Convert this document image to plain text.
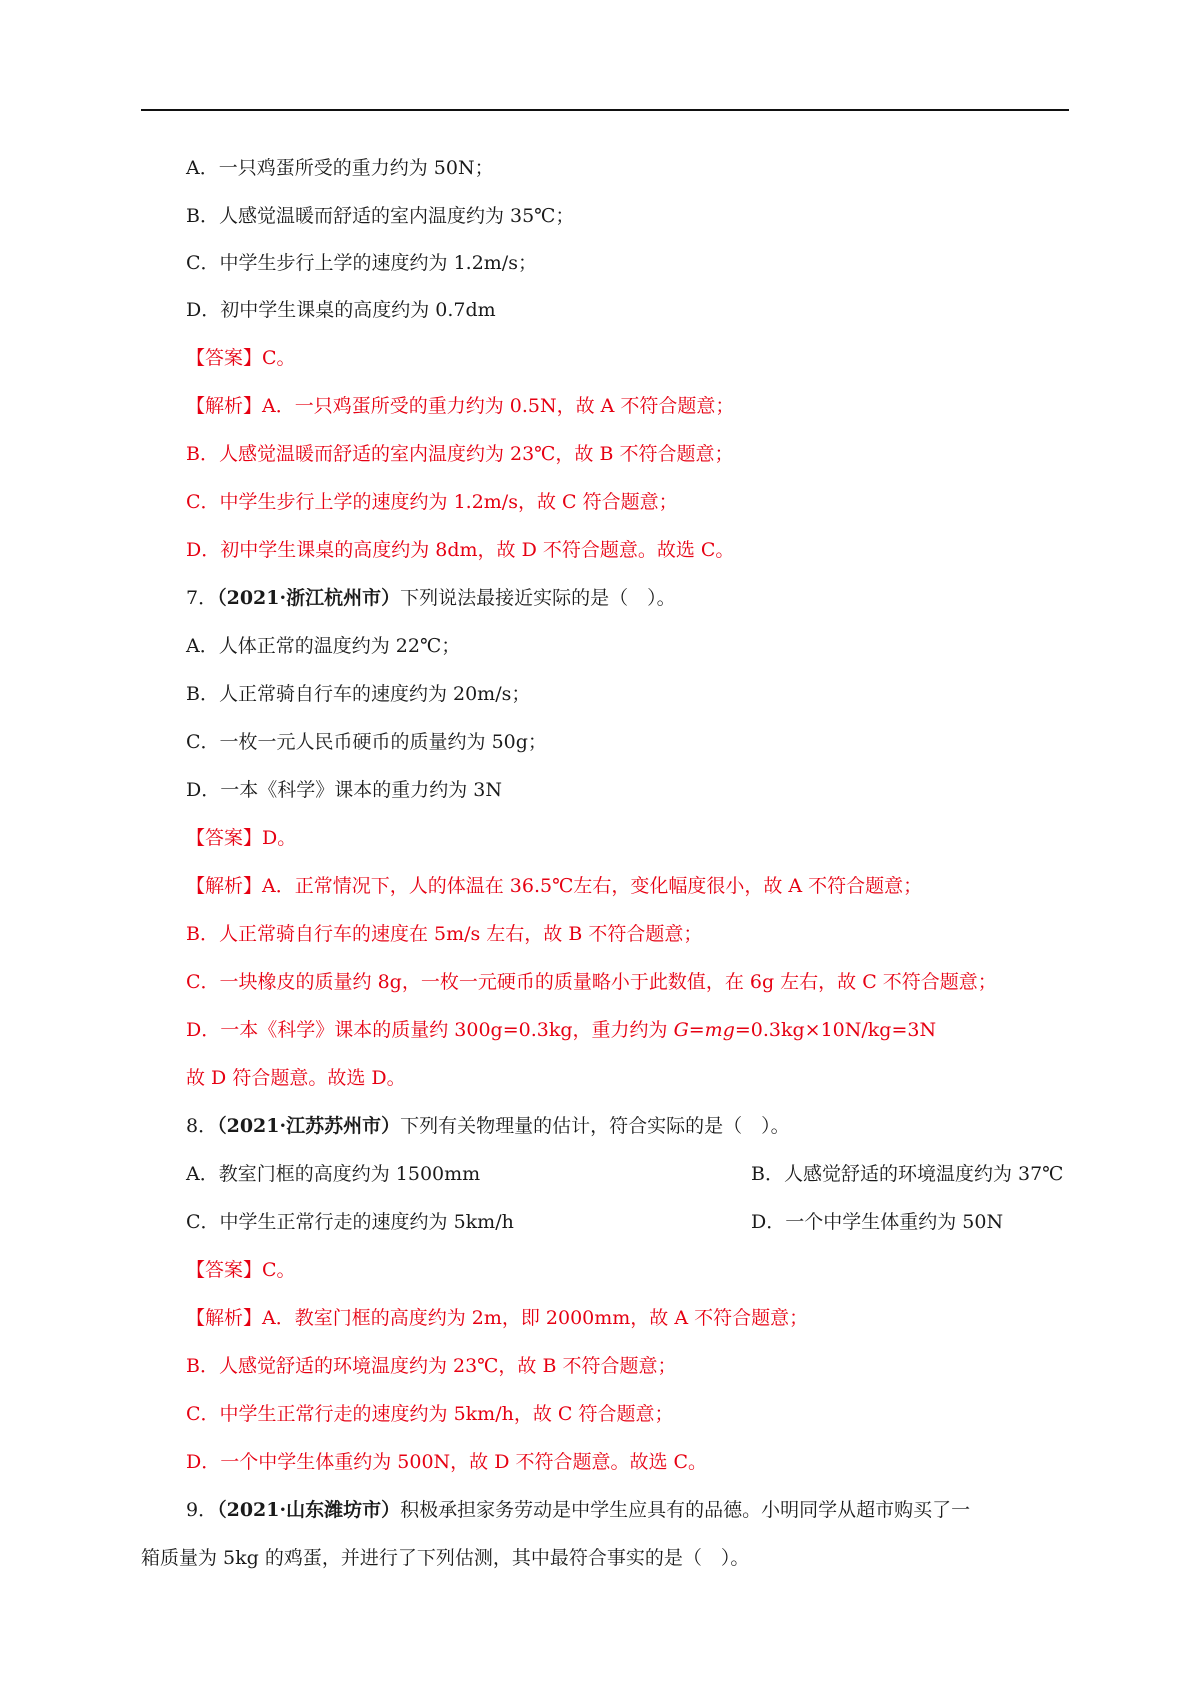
A．一只鸡蛋所受的重力约为 50N；
B．人感觉温暖而舒适的室内温度约为 35℃；
C．中学生步行上学的速度约为 1.2m/s；
D．初中学生课桌的高度约为 0.7dm
【答案】C。
【解析】A．一只鸡蛋所受的重力约为 0.5N，故 A 不符合题意；
B．人感觉温暖而舒适的室内温度约为 23℃，故 B 不符合题意；
C．中学生步行上学的速度约为 1.2m/s，故 C 符合题意；
D．初中学生课桌的高度约为 8dm，故 D 不符合题意。故选 C。
7．（2021·浙江杭州市）下列说法最接近实际的是（　）。
A．人体正常的温度约为 22℃；
B．人正常骑自行车的速度约为 20m/s；
C．一枚一元人民币硬币的质量约为 50g；
D．一本《科学》课本的重力约为 3N
【答案】D。
【解析】A．正常情况下，人的体温在 36.5℃左右，变化幅度很小，故 A 不符合题意；
B．人正常骑自行车的速度在 5m/s 左右，故 B 不符合题意；
C．一块橡皮的质量约 8g，一枚一元硬币的质量略小于此数值，在 6g 左右，故 C 不符合题意；
D．一本《科学》课本的质量约 300g=0.3kg，重力约为 G=mg=0.3kg×10N/kg=3N
故 D 符合题意。故选 D。
8．（2021·江苏苏州市）下列有关物理量的估计，符合实际的是（　）。
A．教室门框的高度约为 1500mm	B．人感觉舒适的环境温度约为 37℃
C．中学生正常行走的速度约为 5km/h	D．一个中学生体重约为 50N
【答案】C。
【解析】A．教室门框的高度约为 2m，即 2000mm，故 A 不符合题意；
B．人感觉舒适的环境温度约为 23℃，故 B 不符合题意；
C．中学生正常行走的速度约为 5km/h，故 C 符合题意；
D．一个中学生体重约为 500N，故 D 不符合题意。故选 C。
9．（2021·山东潍坊市）积极承担家务劳动是中学生应具有的品德。小明同学从超市购买了一
箱质量为 5kg 的鸡蛋，并进行了下列估测，其中最符合事实的是（　）。
